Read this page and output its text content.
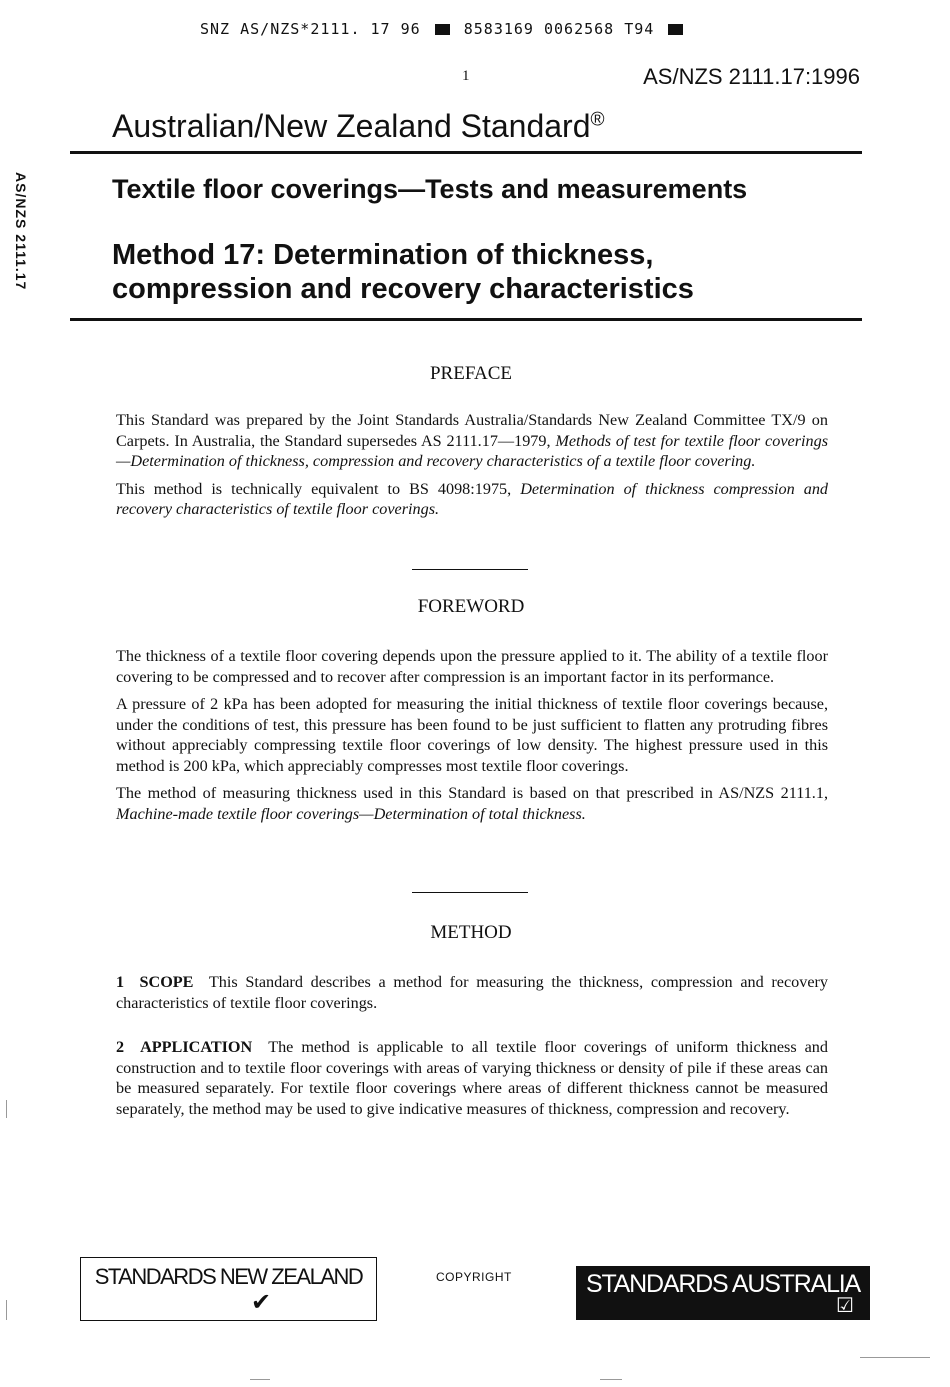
SNZ AS/NZS*2111. 17 96	8583169 0062568 T94
1	AS/NZS 2111.17:1996
Australian/New Zealand Standard®
AS/NZS 2111.17	Textile floor coverings—Tests and measurements
Method 17: Determination of thickness,
compression and recovery characteristics
PREFACE

This Standard was prepared by the Joint Standards Australia/Standards New Zealand Committee TX/9 on Carpets. In Australia, the Standard supersedes AS 2111.17—1979, Methods of test for textile floor coverings—Determination of thickness, compression and recovery characteristics of a textile floor covering.

This method is technically equivalent to BS 4098:1975, Determination of thickness compression and recovery characteristics of textile floor coverings.

FOREWORD

The thickness of a textile floor covering depends upon the pressure applied to it. The ability of a textile floor covering to be compressed and to recover after compression is an important factor in its performance.

A pressure of 2 kPa has been adopted for measuring the initial thickness of textile floor coverings because, under the conditions of test, this pressure has been found to be just sufficient to flatten any protruding fibres without appreciably compressing textile floor coverings of low density. The highest pressure used in this method is 200 kPa, which appreciably compresses most textile floor coverings.

The method of measuring thickness used in this Standard is based on that prescribed in AS/NZS 2111.1, Machine-made textile floor coverings—Determination of total thickness.

METHOD

1 SCOPE This Standard describes a method for measuring the thickness, compression and recovery characteristics of textile floor coverings.

2 APPLICATION The method is applicable to all textile floor coverings of uniform thickness and construction and to textile floor coverings with areas of varying thickness or density of pile if these areas can be measured separately. For textile floor coverings where areas of different thickness cannot be measured separately, the method may be used to give indicative measures of thickness, compression and recovery.

STANDARDS NEW ZEALAND
✔
COPYRIGHT	STANDARDS AUSTRALIA
☑
